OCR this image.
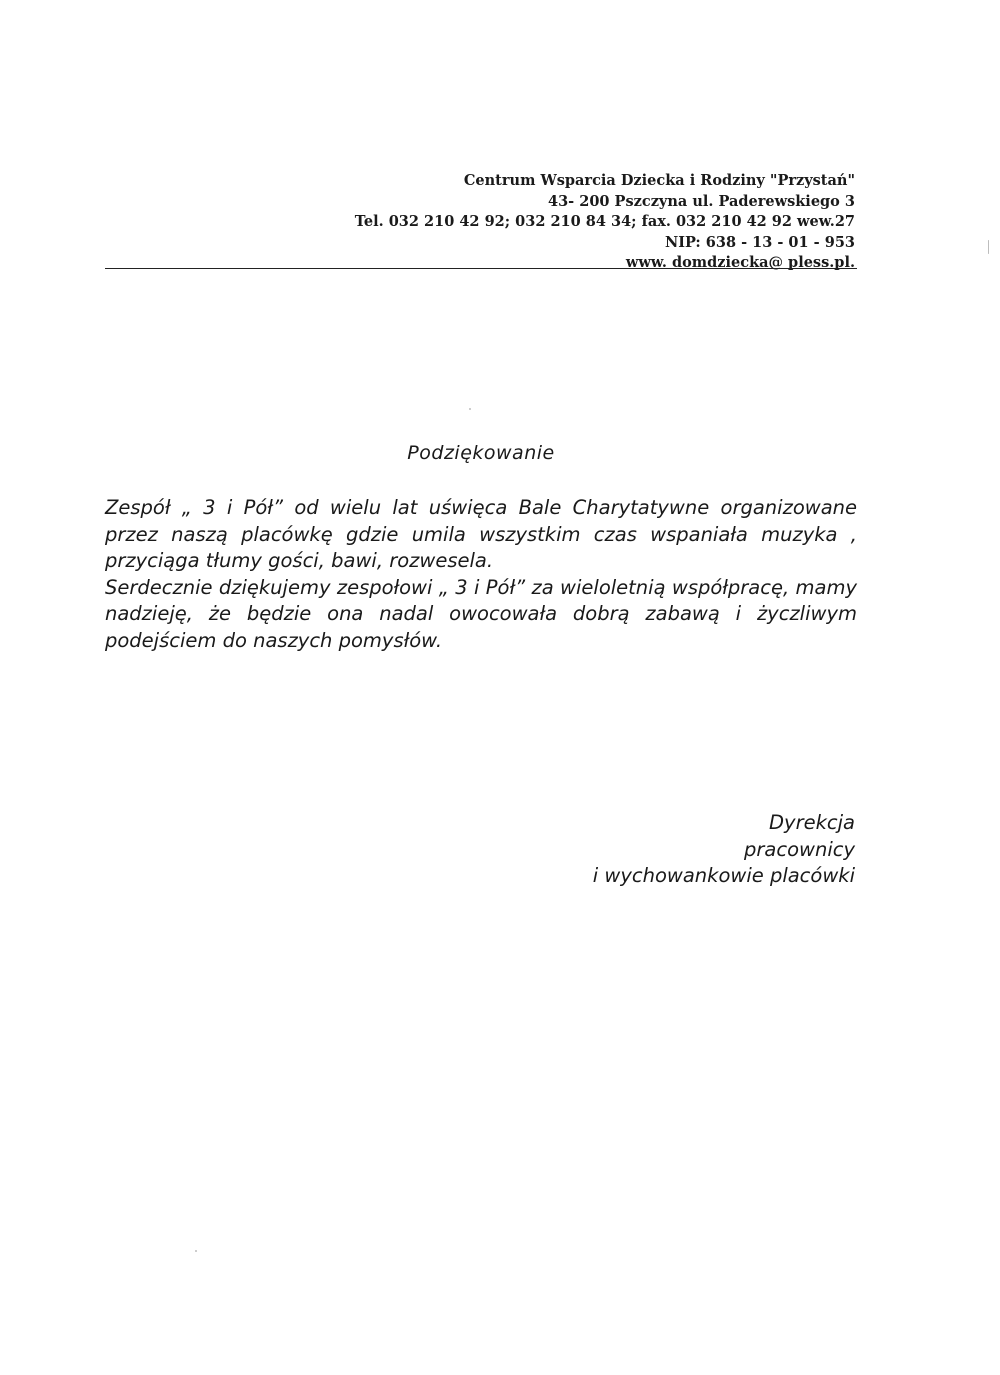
Centrum Wsparcia Dziecka i Rodziny "Przystań"
43- 200 Pszczyna ul. Paderewskiego 3
Tel. 032 210 42 92; 032 210 84 34; fax. 032 210 42 92 wew.27
NIP: 638 - 13 - 01 - 953
www. domdziecka@ pless.pl.
Podziękowanie

Zespół „ 3 i Pół” od wielu lat uświęca Bale Charytatywne organizowane przez naszą placówkę gdzie umila wszystkim czas wspaniała muzyka , przyciąga tłumy gości, bawi, rozwesela.

Serdecznie dziękujemy zespołowi „ 3 i Pół” za wieloletnią współpracę, mamy nadzieję, że będzie ona nadal owocowała dobrą zabawą i życzliwym podejściem do naszych pomysłów.

Dyrekcja
pracownicy
i wychowankowie placówki
